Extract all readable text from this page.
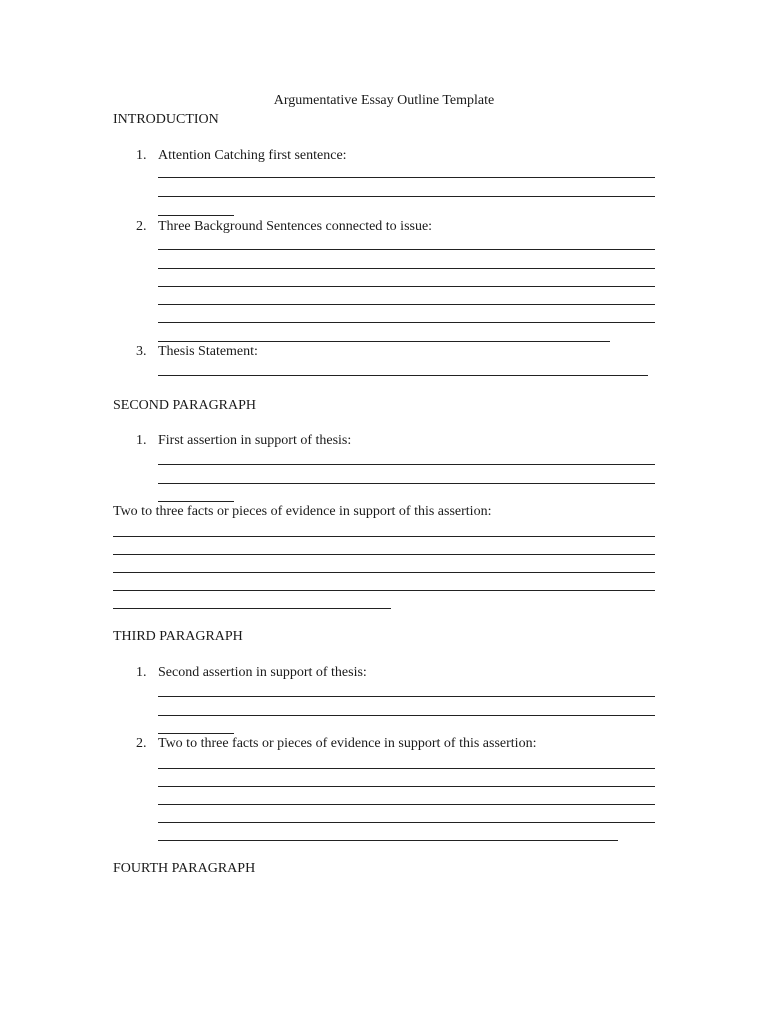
Argumentative Essay Outline Template
INTRODUCTION
1. Attention Catching first sentence:
2. Three Background Sentences connected to issue:
3. Thesis Statement:
SECOND PARAGRAPH
1. First assertion in support of thesis:
Two to three facts or pieces of evidence in support of this assertion:
THIRD PARAGRAPH
1. Second assertion in support of thesis:
2. Two to three facts or pieces of evidence in support of this assertion:
FOURTH PARAGRAPH
